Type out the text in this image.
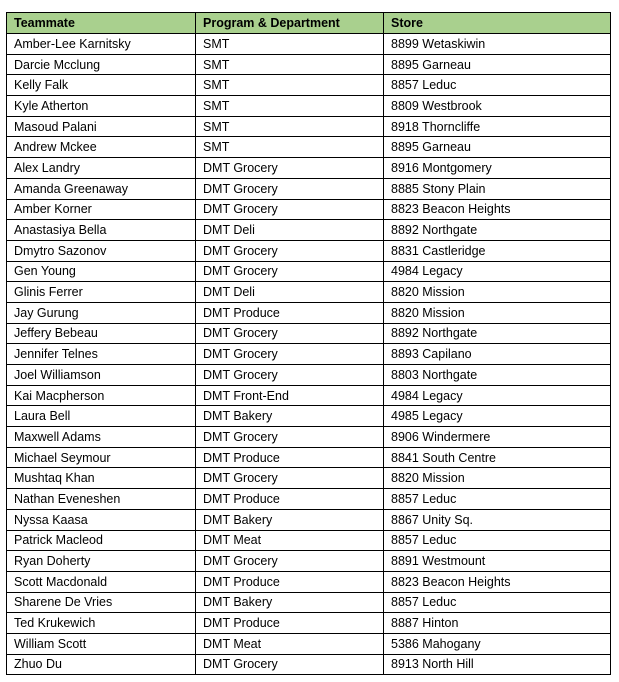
Teammate	Program & Department	Store
Amber-Lee Karnitsky	SMT	8899 Wetaskiwin
Darcie Mcclung	SMT	8895 Garneau
Kelly Falk	SMT	8857 Leduc
Kyle Atherton	SMT	8809 Westbrook
Masoud Palani	SMT	8918 Thorncliffe
Andrew Mckee	SMT	8895 Garneau
Alex Landry	DMT Grocery	8916 Montgomery
Amanda Greenaway	DMT Grocery	8885 Stony Plain
Amber Korner	DMT Grocery	8823 Beacon Heights
Anastasiya Bella	DMT Deli	8892 Northgate
Dmytro Sazonov	DMT Grocery	8831 Castleridge
Gen Young	DMT Grocery	4984 Legacy
Glinis Ferrer	DMT Deli	8820 Mission
Jay Gurung	DMT Produce	8820 Mission
Jeffery Bebeau	DMT Grocery	8892 Northgate
Jennifer Telnes	DMT Grocery	8893 Capilano
Joel Williamson	DMT Grocery	8803 Northgate
Kai Macpherson	DMT Front-End	4984 Legacy
Laura Bell	DMT Bakery	4985 Legacy
Maxwell Adams	DMT Grocery	8906 Windermere
Michael Seymour	DMT Produce	8841 South Centre
Mushtaq Khan	DMT Grocery	8820 Mission
Nathan Eveneshen	DMT Produce	8857 Leduc
Nyssa Kaasa	DMT Bakery	8867 Unity Sq.
Patrick Macleod	DMT Meat	8857 Leduc
Ryan Doherty	DMT Grocery	8891 Westmount
Scott Macdonald	DMT Produce	8823 Beacon Heights
Sharene De Vries	DMT Bakery	8857 Leduc
Ted Krukewich	DMT Produce	8887 Hinton
William Scott	DMT Meat	5386 Mahogany
Zhuo Du	DMT Grocery	8913 North Hill
